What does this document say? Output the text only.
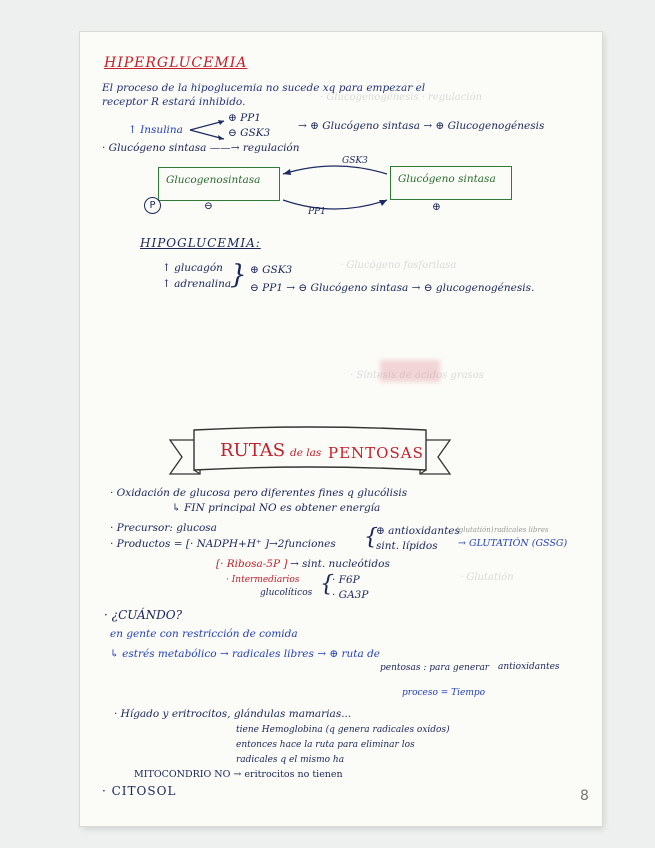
· Glucogenogénesis · regulación
· Glucógeno fosforilasa
· Síntesis de ácidos grasos
· Glutatión
HIPERGLUCEMIA
El proceso de la hipoglucemia no sucede xq para empezar el
receptor R estará inhibido.
↑ Insulina
⊕ PP1
⊖ GSK3
→ ⊕ Glucógeno sintasa → ⊕ Glucogenogénesis
· Glucógeno sintasa ——→ regulación
GSK3
Glucogenosintasa	Glucógeno sintasa
P	⊖	⊕
PP1
HIPOGLUCEMIA:
↑ glucagón
↑ adrenalina
} ⊕ GSK3
⊖ PP1 → ⊖ Glucógeno sintasa → ⊖ glucogenogénesis.
RUTAS de las PENTOSAS
· Oxidación de glucosa pero diferentes fines q glucólisis
↳ FIN principal NO es obtener energía
· Precursor: glucosa
· Productos = [· NADPH+H⁺ ]→2funciones {
⊕ antioxidantes
sint. lípidos → GLUTATIÓN (GSSG)
(glutatión) radicales libres
[· Ribosa-5P ] → sint. nucleótidos
· Intermediarios
glucolíticos {
· F6P
· GA3P
· ¿CUÁNDO?
en gente con restricción de comida
↳ estrés metabólico → radicales libres → ⊕ ruta de
pentosas : para generar antioxidantes
proceso = Tiempo
· Hígado y eritrocitos, glándulas mamarias...
tiene Hemoglobina (q genera radicales oxidos)
entonces hace la ruta para eliminar los
radicales q el mismo ha
MITOCONDRIO NO → eritrocitos no tienen
· CITOSOL	8
